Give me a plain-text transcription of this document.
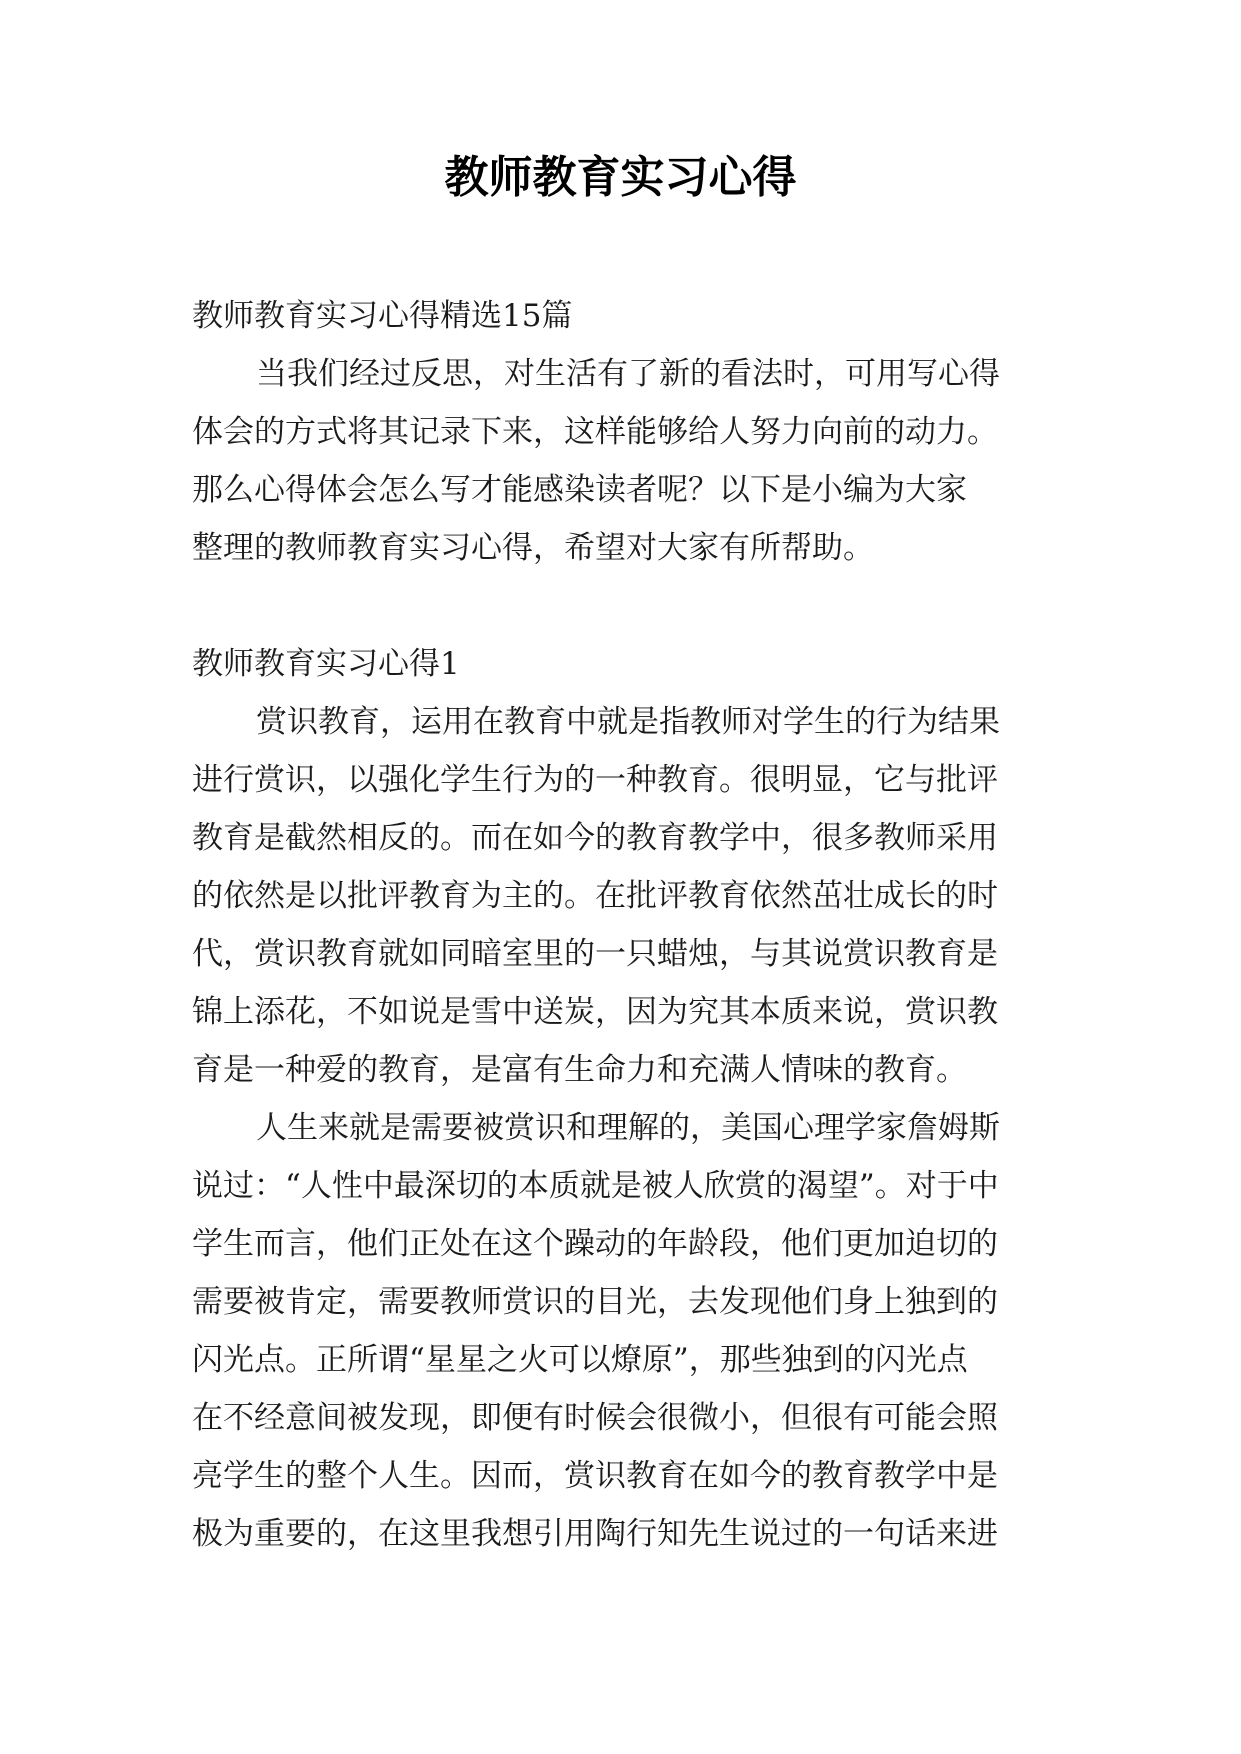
教师教育实习心得

教师教育实习心得精选15篇

当我们经过反思，对生活有了新的看法时，可用写心得

体会的方式将其记录下来，这样能够给人努力向前的动力。

那么心得体会怎么写才能感染读者呢？以下是小编为大家

整理的教师教育实习心得，希望对大家有所帮助。

教师教育实习心得1

赏识教育，运用在教育中就是指教师对学生的行为结果

进行赏识，以强化学生行为的一种教育。很明显，它与批评

教育是截然相反的。而在如今的教育教学中，很多教师采用

的依然是以批评教育为主的。在批评教育依然茁壮成长的时

代，赏识教育就如同暗室里的一只蜡烛，与其说赏识教育是

锦上添花，不如说是雪中送炭，因为究其本质来说，赏识教

育是一种爱的教育，是富有生命力和充满人情味的教育。

人生来就是需要被赏识和理解的，美国心理学家詹姆斯

说过：“人性中最深切的本质就是被人欣赏的渴望”。对于中

学生而言，他们正处在这个躁动的年龄段，他们更加迫切的

需要被肯定，需要教师赏识的目光，去发现他们身上独到的

闪光点。正所谓“星星之火可以燎原”，那些独到的闪光点

在不经意间被发现，即便有时候会很微小，但很有可能会照

亮学生的整个人生。因而，赏识教育在如今的教育教学中是

极为重要的，在这里我想引用陶行知先生说过的一句话来进
